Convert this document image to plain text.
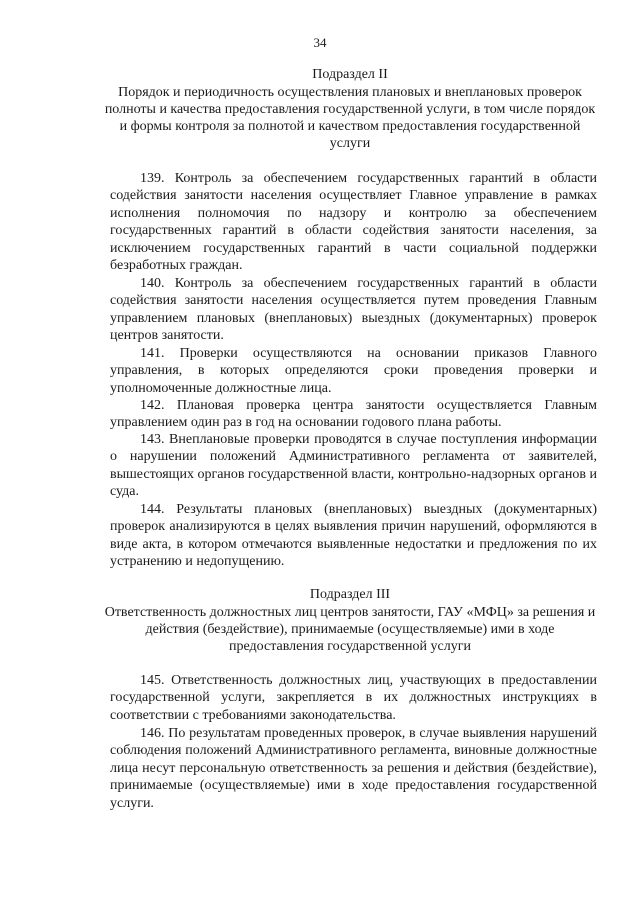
34
Подраздел II
Порядок и периодичность осуществления плановых и внеплановых проверок полноты и качества предоставления государственной услуги, в том числе порядок и формы контроля за полнотой и качеством предоставления государственной услуги

139. Контроль за обеспечением государственных гарантий в области содействия занятости населения осуществляет Главное управление в рамках исполнения полномочия по надзору и контролю за обеспечением государственных гарантий в области содействия занятости населения, за исключением государственных гарантий в части социальной поддержки безработных граждан.

140. Контроль за обеспечением государственных гарантий в области содействия занятости населения осуществляется путем проведения Главным управлением плановых (внеплановых) выездных (документарных) проверок центров занятости.

141. Проверки осуществляются на основании приказов Главного управления, в которых определяются сроки проведения проверки и уполномоченные должностные лица.

142. Плановая проверка центра занятости осуществляется Главным управлением один раз в год на основании годового плана работы.

143. Внеплановые проверки проводятся в случае поступления информации о нарушении положений Административного регламента от заявителей, вышестоящих органов государственной власти, контрольно-надзорных органов и суда.

144. Результаты плановых (внеплановых) выездных (документарных) проверок анализируются в целях выявления причин нарушений, оформляются в виде акта, в котором отмечаются выявленные недостатки и предложения по их устранению и недопущению.

Подраздел III
Ответственность должностных лиц центров занятости, ГАУ «МФЦ» за решения и действия (бездействие), принимаемые (осуществляемые) ими в ходе предоставления государственной услуги

145. Ответственность должностных лиц, участвующих в предоставлении государственной услуги, закрепляется в их должностных инструкциях в соответствии с требованиями законодательства.

146. По результатам проведенных проверок, в случае выявления нарушений соблюдения положений Административного регламента, виновные должностные лица несут персональную ответственность за решения и действия (бездействие), принимаемые (осуществляемые) ими в ходе предоставления государственной услуги.
